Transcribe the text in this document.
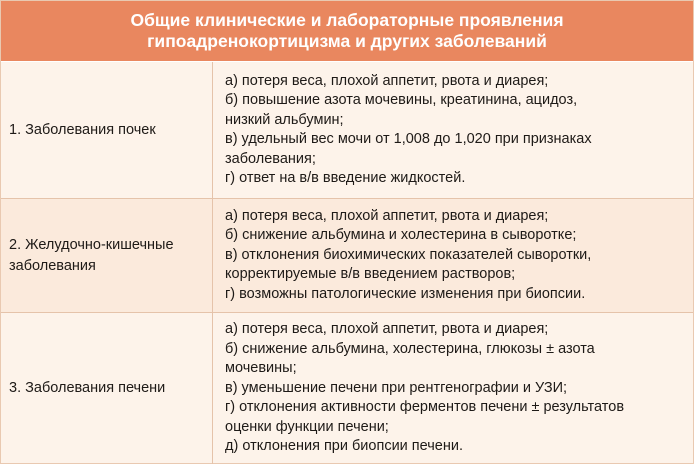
Общие клинические и лабораторные проявления
гипоадренокортицизма и других заболеваний
1. Заболевания почек
а) потеря веса, плохой аппетит, рвота и диарея;
б) повышение азота мочевины, креатинина, ацидоз,
низкий альбумин;
в) удельный вес мочи от 1,008 до 1,020 при признаках
заболевания;
г) ответ на в/в введение жидкостей.
2. Желудочно-кишечные
заболевания
а) потеря веса, плохой аппетит, рвота и диарея;
б) снижение альбумина и холестерина в сыворотке;
в) отклонения биохимических показателей сыворотки,
корректируемые в/в введением растворов;
г) возможны патологические изменения при биопсии.
3. Заболевания печени
а) потеря веса, плохой аппетит, рвота и диарея;
б) снижение альбумина, холестерина, глюкозы ± азота
мочевины;
в) уменьшение печени при рентгенографии и УЗИ;
г) отклонения активности ферментов печени ± результатов
оценки функции печени;
д) отклонения при биопсии печени.
